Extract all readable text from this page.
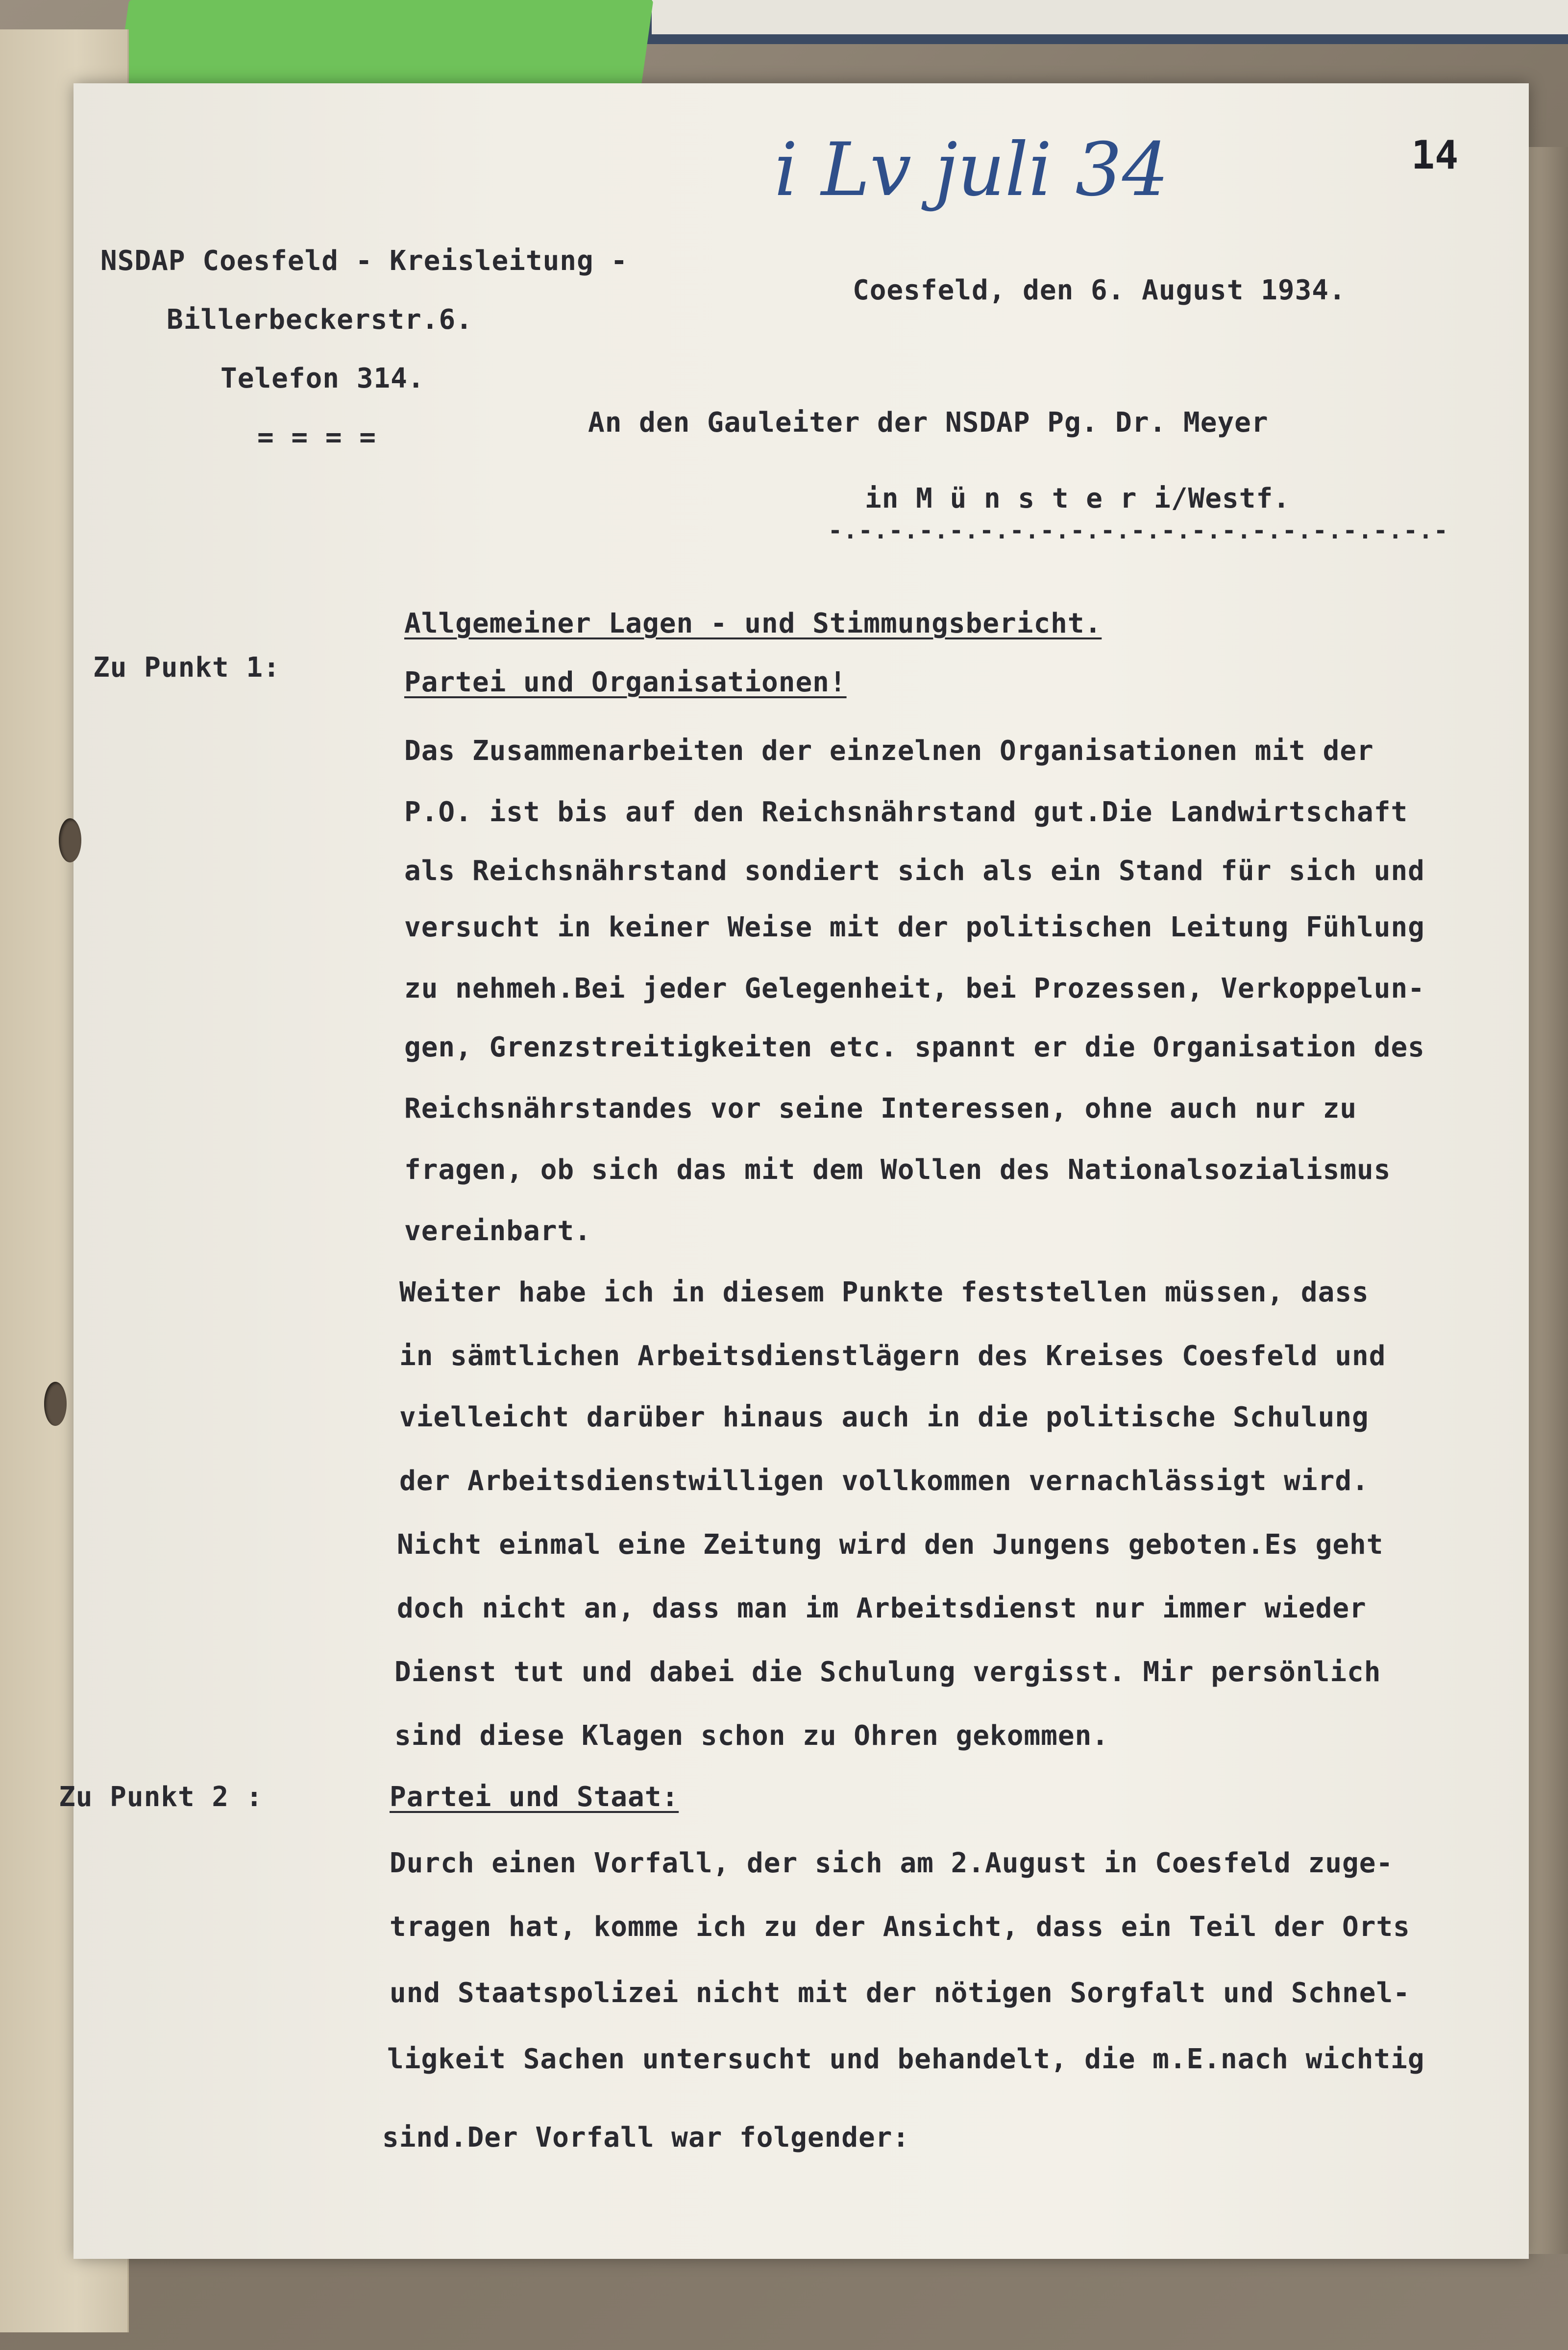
i Lv juli 34	14
NSDAP Coesfeld - Kreisleitung -
Billerbeckerstr.6.
Telefon 314.
= = = =
Coesfeld, den 6. August 1934.
An den Gauleiter der NSDAP Pg. Dr. Meyer
in M ü n s t e r i/Westf.
-.-.-.-.-.-.-.-.-.-.-.-.-.-.-.-.-.-.-.-.-
Allgemeiner Lagen - und Stimmungsbericht.
Zu Punkt 1:	Partei und Organisationen!
Das Zusammenarbeiten der einzelnen Organisationen mit der
P.O. ist bis auf den Reichsnährstand gut.Die Landwirtschaft
als Reichsnährstand sondiert sich als ein Stand für sich und
versucht in keiner Weise mit der politischen Leitung Fühlung
zu nehmeh.Bei jeder Gelegenheit, bei Prozessen, Verkoppelun-
gen, Grenzstreitigkeiten etc. spannt er die Organisation des
Reichsnährstandes vor seine Interessen, ohne auch nur zu
fragen, ob sich das mit dem Wollen des Nationalsozialismus
vereinbart.
Weiter habe ich in diesem Punkte feststellen müssen, dass
in sämtlichen Arbeitsdienstlägern des Kreises Coesfeld und
vielleicht darüber hinaus auch in die politische Schulung
der Arbeitsdienstwilligen vollkommen vernachlässigt wird.
Nicht einmal eine Zeitung wird den Jungens geboten.Es geht
doch nicht an, dass man im Arbeitsdienst nur immer wieder
Dienst tut und dabei die Schulung vergisst. Mir persönlich
sind diese Klagen schon zu Ohren gekommen.
Zu Punkt 2 :	Partei und Staat:
Durch einen Vorfall, der sich am 2.August in Coesfeld zuge-
tragen hat, komme ich zu der Ansicht, dass ein Teil der Orts
und Staatspolizei nicht mit der nötigen Sorgfalt und Schnel-
ligkeit Sachen untersucht und behandelt, die m.E.nach wichtig
sind.Der Vorfall war folgender:
